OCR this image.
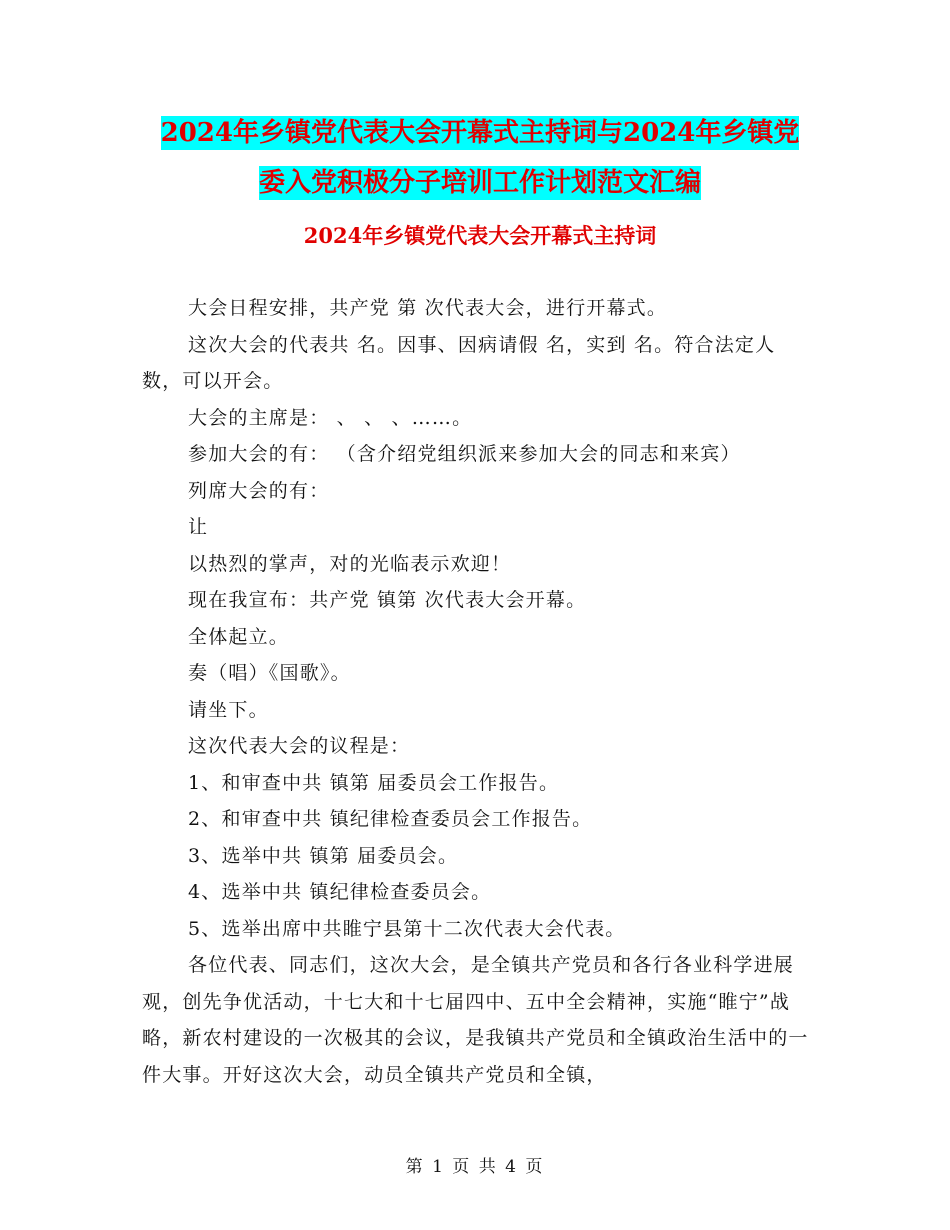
2024年乡镇党代表大会开幕式主持词与2024年乡镇党
委入党积极分子培训工作计划范文汇编
2024年乡镇党代表大会开幕式主持词

大会日程安排，共产党 第 次代表大会，进行开幕式。

这次大会的代表共 名。因事、因病请假 名，实到 名。符合法定人数，可以开会。

大会的主席是： 、 、 、……。

参加大会的有： （含介绍党组织派来参加大会的同志和来宾）

列席大会的有：

让

以热烈的掌声，对的光临表示欢迎！

现在我宣布：共产党 镇第 次代表大会开幕。

全体起立。

奏（唱）《国歌》。

请坐下。

这次代表大会的议程是：

1、和审查中共 镇第 届委员会工作报告。

2、和审查中共 镇纪律检查委员会工作报告。

3、选举中共 镇第 届委员会。

4、选举中共 镇纪律检查委员会。

5、选举出席中共睢宁县第十二次代表大会代表。

各位代表、同志们，这次大会，是全镇共产党员和各行各业科学进展观，创先争优活动，十七大和十七届四中、五中全会精神，实施“睢宁”战略，新农村建设的一次极其的会议，是我镇共产党员和全镇政治生活中的一件大事。开好这次大会，动员全镇共产党员和全镇，

第 1 页 共 4 页
